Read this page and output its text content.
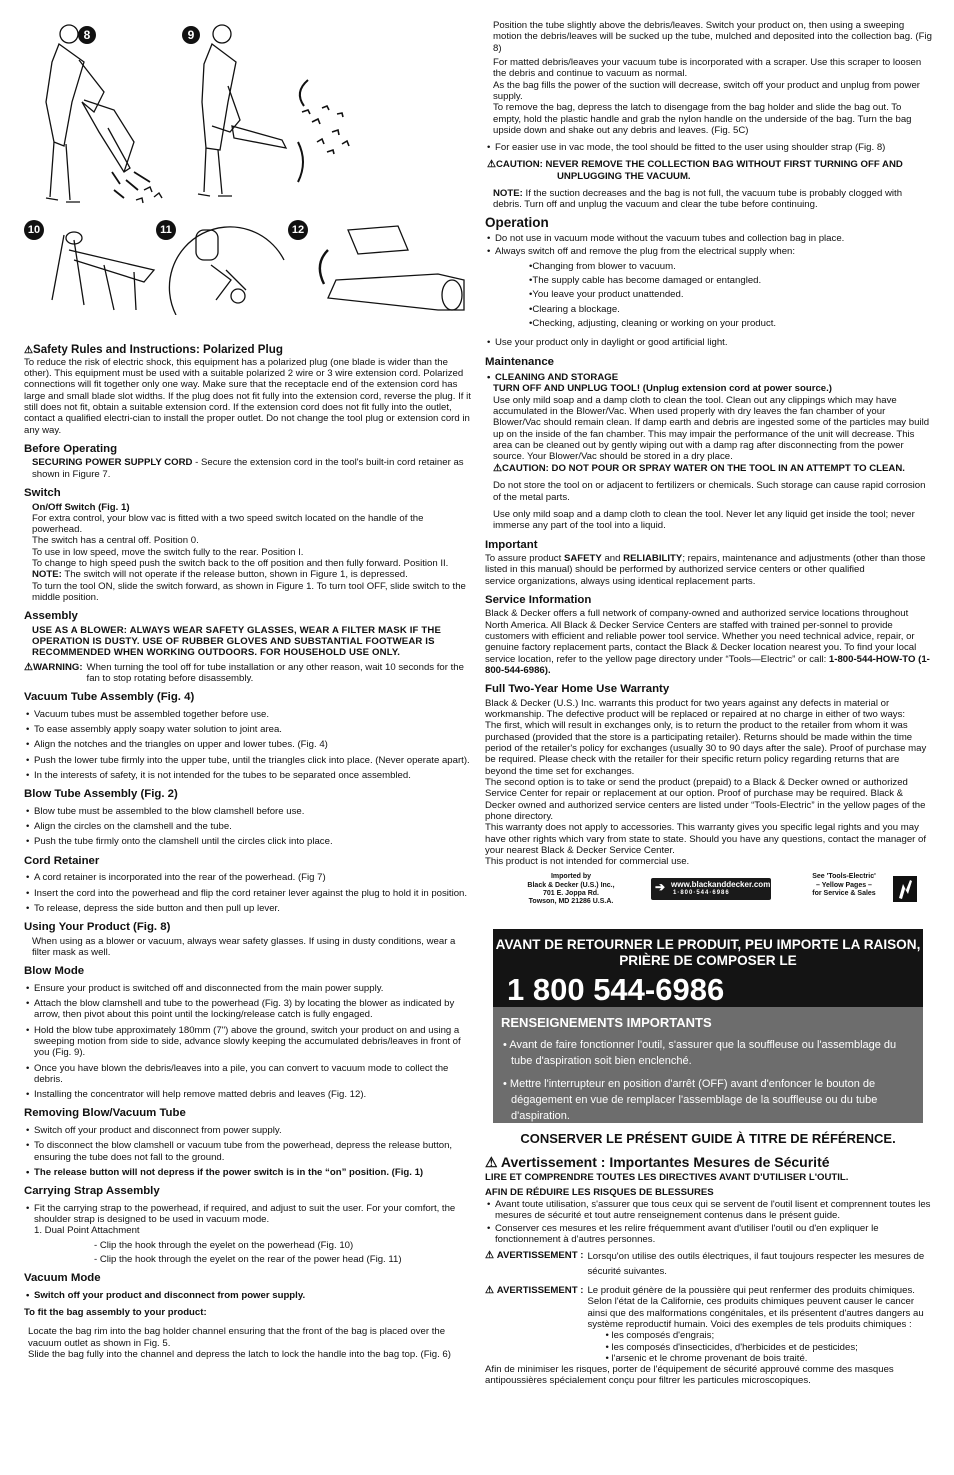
8	9
10	11	12
⚠Safety Rules and Instructions: Polarized Plug

To reduce the risk of electric shock, this equipment has a polarized plug (one blade is wider than the other). This equipment must be used with a suitable polarized 2 wire or 3 wire extension cord. Polarized connections will fit together only one way. Make sure that the receptacle end of the extension cord has large and small blade slot widths. If the plug does not fit fully into the extension cord, reverse the plug. If it still does not fit, obtain a suitable extension cord. If the extension cord does not fit fully into the outlet, contact a qualified electri-cian to install the proper outlet. Do not change the tool plug or extension cord in any way.

Before Operating

SECURING POWER SUPPLY CORD - Secure the extension cord in the tool's built-in cord retainer as shown in Figure 7.

Switch
On/Off Switch (Fig. 1)

For extra control, your blow vac is fitted with a two speed switch located on the handle of the powerhead.

The switch has a central off. Position 0.

To use in low speed, move the switch fully to the rear. Position I.

To change to high speed push the switch back to the off position and then fully forward. Position II.

NOTE: The switch will not operate if the release button, shown in Figure 1, is depressed.

To turn the tool ON, slide the switch forward, as shown in Figure 1. To turn tool OFF, slide switch to the middle position.

Assembly

USE AS A BLOWER: ALWAYS WEAR SAFETY GLASSES, WEAR A FILTER MASK IF THE OPERATION IS DUSTY. USE OF RUBBER GLOVES AND SUBSTANTIAL FOOTWEAR IS RECOMMENDED WHEN WORKING OUTDOORS. FOR HOUSEHOLD USE ONLY.

⚠WARNING: When turning the tool off for tube installation or any other reason, wait 10 seconds for the fan to stop rotating before disassembly.
Vacuum Tube Assembly (Fig. 4)
• Vacuum tubes must be assembled together before use.
• To ease assembly apply soapy water solution to joint area.
• Align the notches and the triangles on upper and lower tubes. (Fig. 4)
• Push the lower tube firmly into the upper tube, until the triangles click into place. (Never operate apart).
• In the interests of safety, it is not intended for the tubes to be separated once assembled.
Blow Tube Assembly (Fig. 2)
• Blow tube must be assembled to the blow clamshell before use.
• Align the circles on the clamshell and the tube.
• Push the tube firmly onto the clamshell until the circles click into place.
Cord Retainer
• A cord retainer is incorporated into the rear of the powerhead. (Fig 7)
• Insert the cord into the powerhead and flip the cord retainer lever against the plug to hold it in position.
• To release, depress the side button and then pull up lever.
Using Your Product (Fig. 8)

When using as a blower or vacuum, always wear safety glasses. If using in dusty conditions, wear a filter mask as well.

Blow Mode
• Ensure your product is switched off and disconnected from the main power supply.
• Attach the blow clamshell and tube to the powerhead (Fig. 3) by locating the blower as indicated by arrow, then pivot about this point until the locking/release catch is fully engaged.
• Hold the blow tube approximately 180mm (7") above the ground, switch your product on and using a sweeping motion from side to side, advance slowly keeping the accumulated debris/leaves in front of you (Fig. 9).
• Once you have blown the debris/leaves into a pile, you can convert to vacuum mode to collect the debris.
• Installing the concentrator will help remove matted debris and leaves (Fig. 12).
Removing Blow/Vacuum Tube
• Switch off your product and disconnect from power supply.
• To disconnect the blow clamshell or vacuum tube from the powerhead, depress the release button, ensuring the tube does not fall to the ground.
• The release button will not depress if the power switch is in the “on” position. (Fig. 1)
Carrying Strap Assembly
• Fit the carrying strap to the powerhead, if required, and adjust to suit the user. For your comfort, the shoulder strap is designed to be used in vacuum mode.

1. Dual Point Attachment

- Clip the hook through the eyelet on the powerhead (Fig. 10)

- Clip the hook through the eyelet on the rear of the power head (Fig. 11)

Vacuum Mode
• Switch off your product and disconnect from power supply.

To fit the bag assembly to your product:

Locate the bag rim into the bag holder channel ensuring that the front of the bag is placed over the vacuum outlet as shown in Fig. 5.

Slide the bag fully into the channel and depress the latch to lock the handle into the bag top. (Fig. 6)

Position the tube slightly above the debris/leaves. Switch your product on, then using a sweeping motion the debris/leaves will be sucked up the tube, mulched and deposited into the collection bag. (Fig 8)

For matted debris/leaves your vacuum tube is incorporated with a scraper. Use this scraper to loosen the debris and continue to vacuum as normal.

As the bag fills the power of the suction will decrease, switch off your product and unplug from power supply.

To remove the bag, depress the latch to disengage from the bag holder and slide the bag out. To empty, hold the plastic handle and grab the nylon handle on the underside of the bag. Turn the bag upside down and shake out any debris and leaves. (Fig. 5C)

• For easier use in vac mode, the tool should be fitted to the user using shoulder strap (Fig. 8)
⚠CAUTION: NEVER REMOVE THE COLLECTION BAG WITHOUT FIRST TURNING OFF AND UNPLUGGING THE VACUUM.

NOTE: If the suction decreases and the bag is not full, the vacuum tube is probably clogged with debris. Turn off and unplug the vacuum and clear the tube before continuing.

Operation
• Do not use in vacuum mode without the vacuum tubes and collection bag in place.
• Always switch off and remove the plug from the electrical supply when:
• Changing from blower to vacuum.
• The supply cable has become damaged or entangled.
• You leave your product unattended.
• Clearing a blockage.
• Checking, adjusting, cleaning or working on your product.
• Use your product only in daylight or good artificial light.
Maintenance
• CLEANING AND STORAGE

TURN OFF AND UNPLUG TOOL! (Unplug extension cord at power source.)

Use only mild soap and a damp cloth to clean the tool. Clean out any clippings which may have accumulated in the Blower/Vac. When used properly with dry leaves the fan chamber of your Blower/Vac should remain clean. If damp earth and debris are ingested some of the particles may build up on the inside of the fan chamber. This may impair the performance of the unit will decrease. This area can be cleaned out by gently wiping out with a damp rag after disconnecting from the power source. Your Blower/Vac should be stored in a dry place.

⚠CAUTION: DO NOT POUR OR SPRAY WATER ON THE TOOL IN AN ATTEMPT TO CLEAN.

Do not store the tool on or adjacent to fertilizers or chemicals. Such storage can cause rapid corrosion of the metal parts.

Use only mild soap and a damp cloth to clean the tool. Never let any liquid get inside the tool; never immerse any part of the tool into a liquid.

Important

To assure product SAFETY and RELIABILITY; repairs, maintenance and adjustments (other than those listed in this manual) should be performed by authorized service centers or other qualified

service organizations, always using identical replacement parts.

Service Information

Black & Decker offers a full network of company-owned and authorized service locations throughout North America. All Black & Decker Service Centers are staffed with trained per-sonnel to provide customers with efficient and reliable power tool service. Whether you need technical advice, repair, or genuine factory replacement parts, contact the Black & Decker location nearest you. To find your local service location, refer to the yellow page directory under “Tools—Electric” or call: 1-800-544-HOW-TO (1-800-544-6986).

Full Two-Year Home Use Warranty

Black & Decker (U.S.) Inc. warrants this product for two years against any defects in material or workmanship. The defective product will be replaced or repaired at no charge in either of two ways:

The first, which will result in exchanges only, is to return the product to the retailer from whom it was purchased (provided that the store is a participating retailer). Returns should be made within the time period of the retailer's policy for exchanges (usually 30 to 90 days after the sale). Proof of purchase may be required. Please check with the retailer for their specific return policy regarding returns that are beyond the time set for exchanges.

The second option is to take or send the product (prepaid) to a Black & Decker owned or authorized Service Center for repair or replacement at our option. Proof of purchase may be required. Black & Decker owned and authorized service centers are listed under “Tools-Electric” in the yellow pages of the phone directory.

This warranty does not apply to accessories. This warranty gives you specific legal rights and you may have other rights which vary from state to state. Should you have any questions, contact the manager of your nearest Black & Decker Service Center.

This product is not intended for commercial use.

Imported by
Black & Decker (U.S.) Inc.,
701 E. Joppa Rd.
Towson, MD 21286 U.S.A.
➔ www.blackanddecker.com
1·800·544·6986
See 'Tools-Electric'
– Yellow Pages –
for Service & Sales
AVANT DE RETOURNER LE PRODUIT, PEU IMPORTE LA RAISON, PRIÈRE DE COMPOSER LE
1 800 544-6986
RENSEIGNEMENTS IMPORTANTS
• Avant de faire fonctionner l'outil, s'assurer que la souffleuse ou l'assemblage du tube d'aspiration soit bien enclenché.
• Mettre l'interrupteur en position d'arrêt (OFF) avant d'enfoncer le bouton de dégagement en vue de remplacer l'assemblage de la souffleuse ou du tube d'aspiration.
CONSERVER LE PRÉSENT GUIDE À TITRE DE RÉFÉRENCE.
⚠ Avertissement : Importantes Mesures de Sécurité

LIRE ET COMPRENDRE TOUTES LES DIRECTIVES AVANT D'UTILISER L'OUTIL.

AFIN DE RÉDUIRE LES RISQUES DE BLESSURES

• Avant toute utilisation, s'assurer que tous ceux qui se servent de l'outil lisent et comprennent toutes les mesures de sécurité et tout autre renseignement contenus dans le présent guide.
• Conserver ces mesures et les relire fréquemment avant d'utiliser l'outil ou d'en expliquer le fonctionnement à d'autres personnes.
⚠ AVERTISSEMENT : Lorsqu'on utilise des outils électriques, il faut toujours respecter les mesures de sécurité suivantes.
⚠ AVERTISSEMENT : Le produit génère de la poussière qui peut renfermer des produits chimiques.

Selon l'état de la Californie, ces produits chimiques peuvent causer le cancer ainsi que des malformations congénitales, et ils présentent d'autres dangers au système reproductif humain. Voici des exemples de tels produits chimiques :

• les composés d'engrais;
• les composés d'insecticides, d'herbicides et de pesticides;
• l'arsenic et le chrome provenant de bois traité.

Afin de minimiser les risques, porter de l'équipement de sécurité approuvé comme des masques antipoussières spécialement conçu pour filtrer les particules microscopiques.
